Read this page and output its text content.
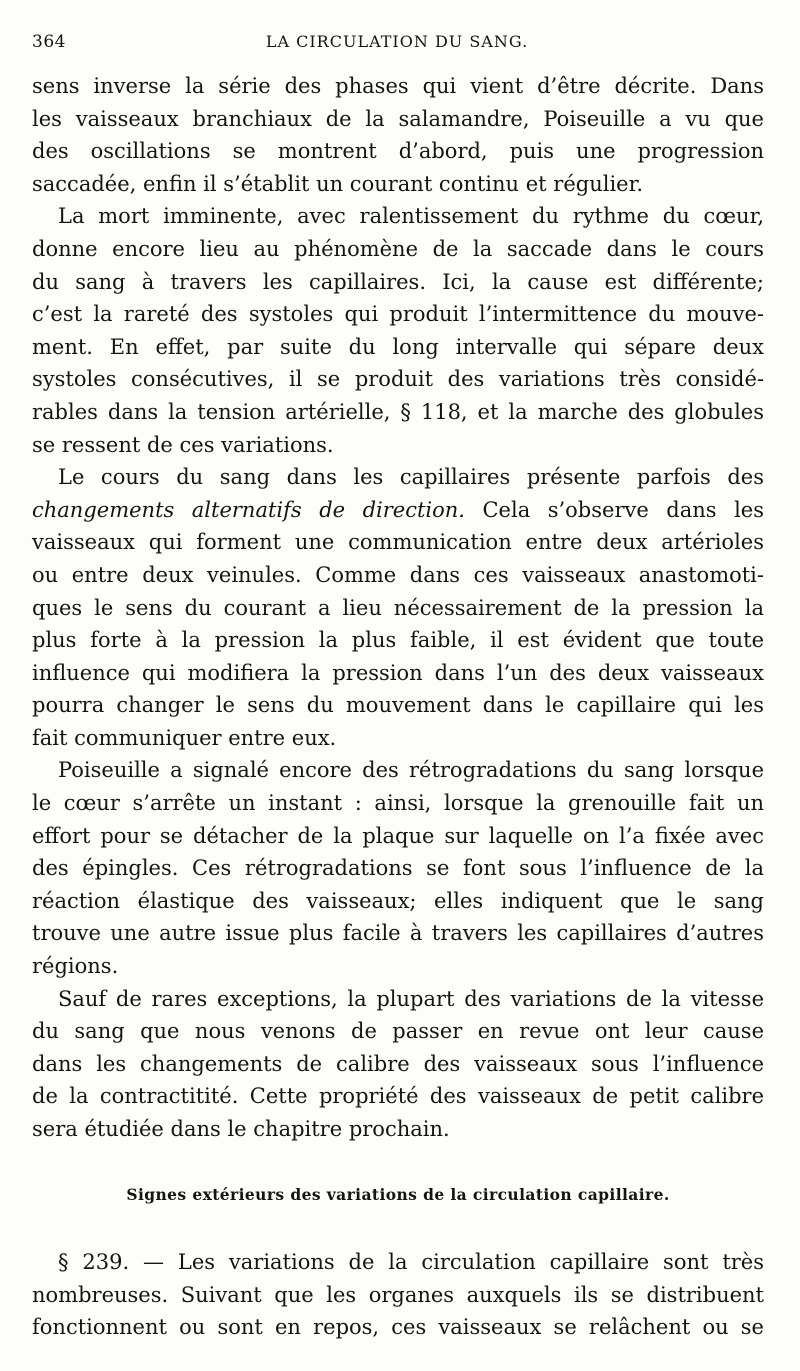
364	LA CIRCULATION DU SANG.

sens inverse la série des phases qui vient d’être décrite. Dans
les vaisseaux branchiaux de la salamandre, Poiseuille a vu que
des oscillations se montrent d’abord, puis une progression
saccadée, enfin il s’établit un courant continu et régulier.

La mort imminente, avec ralentissement du rythme du cœur,
donne encore lieu au phénomène de la saccade dans le cours
du sang à travers les capillaires. Ici, la cause est différente;
c’est la rareté des systoles qui produit l’intermittence du mouve-
ment. En effet, par suite du long intervalle qui sépare deux
systoles consécutives, il se produit des variations très considé-
rables dans la tension artérielle, § 118, et la marche des globules
se ressent de ces variations.

Le cours du sang dans les capillaires présente parfois des
changements alternatifs de direction. Cela s’observe dans les
vaisseaux qui forment une communication entre deux artérioles
ou entre deux veinules. Comme dans ces vaisseaux anastomoti-
ques le sens du courant a lieu nécessairement de la pression la
plus forte à la pression la plus faible, il est évident que toute
influence qui modifiera la pression dans l’un des deux vaisseaux
pourra changer le sens du mouvement dans le capillaire qui les
fait communiquer entre eux.

Poiseuille a signalé encore des rétrogradations du sang lorsque
le cœur s’arrête un instant : ainsi, lorsque la grenouille fait un
effort pour se détacher de la plaque sur laquelle on l’a fixée avec
des épingles. Ces rétrogradations se font sous l’influence de la
réaction élastique des vaisseaux; elles indiquent que le sang
trouve une autre issue plus facile à travers les capillaires d’autres
régions.

Sauf de rares exceptions, la plupart des variations de la vitesse
du sang que nous venons de passer en revue ont leur cause
dans les changements de calibre des vaisseaux sous l’influence
de la contractitité. Cette propriété des vaisseaux de petit calibre
sera étudiée dans le chapitre prochain.

Signes extérieurs des variations de la circulation capillaire.

§ 239. — Les variations de la circulation capillaire sont très
nombreuses. Suivant que les organes auxquels ils se distribuent
fonctionnent ou sont en repos, ces vaisseaux se relâchent ou se
